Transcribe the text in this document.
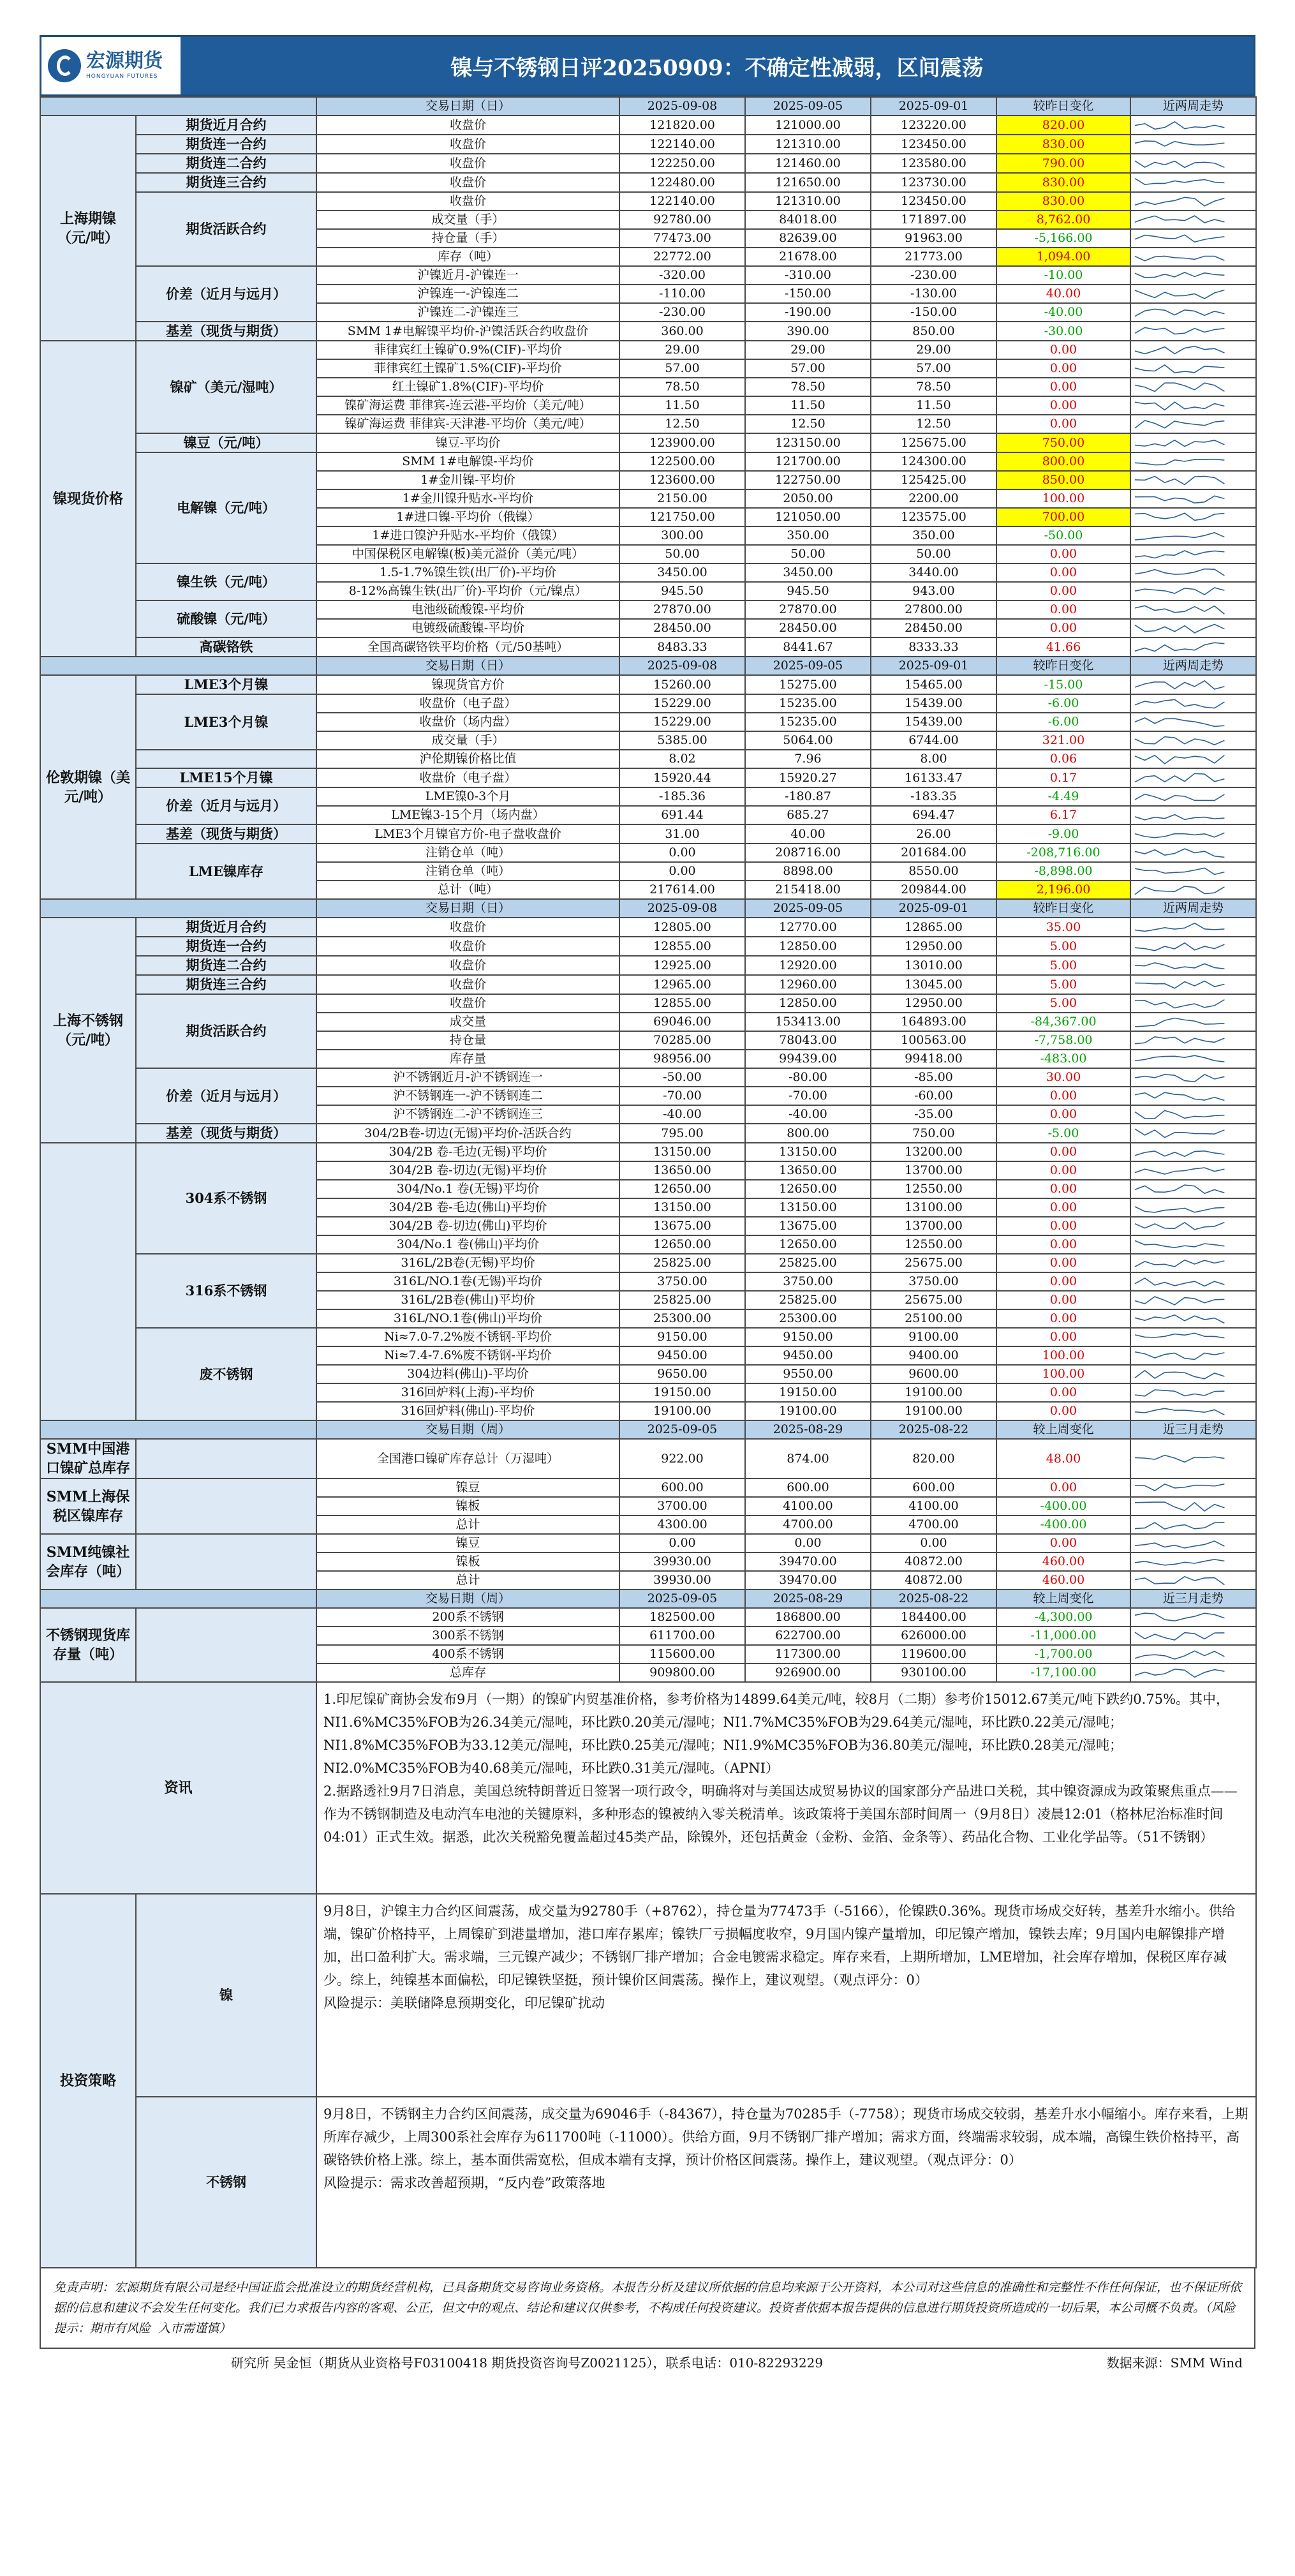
宏源期货
HONGYUAN FUTURES	镍与不锈钢日评20250909：不确定性减弱，区间震荡
		交易日期（日）	2025-09-08	2025-09-05	2025-09-01	较昨日变化	近两周走势
上海期镍（元/吨）	期货近月合约	收盘价	121820.00	121000.00	123220.00	820.00	

	期货连一合约	收盘价	122140.00	121310.00	123450.00	830.00	

	期货连二合约	收盘价	122250.00	121460.00	123580.00	790.00	

	期货连三合约	收盘价	122480.00	121650.00	123730.00	830.00	

	期货活跃合约	收盘价	122140.00	121310.00	123450.00	830.00	

		成交量（手）	92780.00	84018.00	171897.00	8,762.00	

		持仓量（手）	77473.00	82639.00	91963.00	-5,166.00	

		库存（吨）	22772.00	21678.00	21773.00	1,094.00	

	价差（近月与远月）	沪镍近月-沪镍连一	-320.00	-310.00	-230.00	-10.00	

		沪镍连一-沪镍连二	-110.00	-150.00	-130.00	40.00	

		沪镍连二-沪镍连三	-230.00	-190.00	-150.00	-40.00	

	基差（现货与期货）	SMM 1#电解镍平均价-沪镍活跃合约收盘价	360.00	390.00	850.00	-30.00	

镍现货价格	镍矿（美元/湿吨）	菲律宾红土镍矿0.9%(CIF)-平均价	29.00	29.00	29.00	0.00	

		菲律宾红土镍矿1.5%(CIF)-平均价	57.00	57.00	57.00	0.00	

		红土镍矿1.8%(CIF)-平均价	78.50	78.50	78.50	0.00	

		镍矿海运费 菲律宾-连云港-平均价（美元/吨）	11.50	11.50	11.50	0.00	

		镍矿海运费 菲律宾-天津港-平均价（美元/吨）	12.50	12.50	12.50	0.00	

	镍豆（元/吨）	镍豆-平均价	123900.00	123150.00	125675.00	750.00	

	电解镍（元/吨）	SMM 1#电解镍-平均价	122500.00	121700.00	124300.00	800.00	

		1#金川镍-平均价	123600.00	122750.00	125425.00	850.00	

		1#金川镍升贴水-平均价	2150.00	2050.00	2200.00	100.00	

		1#进口镍-平均价（俄镍）	121750.00	121050.00	123575.00	700.00	

		1#进口镍沪升贴水-平均价（俄镍）	300.00	350.00	350.00	-50.00	

		中国保税区电解镍(板)美元溢价（美元/吨）	50.00	50.00	50.00	0.00	

	镍生铁（元/吨）	1.5-1.7%镍生铁(出厂价)-平均价	3450.00	3450.00	3440.00	0.00	

		8-12%高镍生铁(出厂价)-平均价（元/镍点）	945.50	945.50	943.00	0.00	

	硫酸镍（元/吨）	电池级硫酸镍-平均价	27870.00	27870.00	27800.00	0.00	

		电镀级硫酸镍-平均价	28450.00	28450.00	28450.00	0.00	

	高碳铬铁	全国高碳铬铁平均价格（元/50基吨）	8483.33	8441.67	8333.33	41.66	

		交易日期（日）	2025-09-08	2025-09-05	2025-09-01	较昨日变化	近两周走势
伦敦期镍（美元/吨）	LME3个月镍	镍现货官方价	15260.00	15275.00	15465.00	-15.00	

	LME3个月镍	收盘价（电子盘）	15229.00	15235.00	15439.00	-6.00	

		收盘价（场内盘）	15229.00	15235.00	15439.00	-6.00	

		成交量（手）	5385.00	5064.00	6744.00	321.00	

		沪伦期镍价格比值	8.02	7.96	8.00	0.06	

	LME15个月镍	收盘价（电子盘）	15920.44	15920.27	16133.47	0.17	

	价差（近月与远月）	LME镍0-3个月	-185.36	-180.87	-183.35	-4.49	

		LME镍3-15个月（场内盘）	691.44	685.27	694.47	6.17	

	基差（现货与期货）	LME3个月镍官方价-电子盘收盘价	31.00	40.00	26.00	-9.00	

	LME镍库存	注销仓单（吨）	0.00	208716.00	201684.00	-208,716.00	

		注销仓单（吨）	0.00	8898.00	8550.00	-8,898.00	

		总计（吨）	217614.00	215418.00	209844.00	2,196.00	

		交易日期（日）	2025-09-08	2025-09-05	2025-09-01	较昨日变化	近两周走势
上海不锈钢（元/吨）	期货近月合约	收盘价	12805.00	12770.00	12865.00	35.00	

	期货连一合约	收盘价	12855.00	12850.00	12950.00	5.00	

	期货连二合约	收盘价	12925.00	12920.00	13010.00	5.00	

	期货连三合约	收盘价	12965.00	12960.00	13045.00	5.00	

	期货活跃合约	收盘价	12855.00	12850.00	12950.00	5.00	

		成交量	69046.00	153413.00	164893.00	-84,367.00	

		持仓量	70285.00	78043.00	100563.00	-7,758.00	

		库存量	98956.00	99439.00	99418.00	-483.00	

	价差（近月与远月）	沪不锈钢近月-沪不锈钢连一	-50.00	-80.00	-85.00	30.00	

		沪不锈钢连一-沪不锈钢连二	-70.00	-70.00	-60.00	0.00	

		沪不锈钢连二-沪不锈钢连三	-40.00	-40.00	-35.00	0.00	

	基差（现货与期货）	304/2B卷-切边(无锡)平均价-活跃合约	795.00	800.00	750.00	-5.00	

	304系不锈钢	304/2B 卷-毛边(无锡)平均价	13150.00	13150.00	13200.00	0.00	

		304/2B 卷-切边(无锡)平均价	13650.00	13650.00	13700.00	0.00	

		304/No.1 卷(无锡)平均价	12650.00	12650.00	12550.00	0.00	

		304/2B 卷-毛边(佛山)平均价	13150.00	13150.00	13100.00	0.00	

		304/2B 卷-切边(佛山)平均价	13675.00	13675.00	13700.00	0.00	

		304/No.1 卷(佛山)平均价	12650.00	12650.00	12550.00	0.00	

	316系不锈钢	316L/2B卷(无锡)平均价	25825.00	25825.00	25675.00	0.00	

		316L/NO.1卷(无锡)平均价	3750.00	3750.00	3750.00	0.00	

		316L/2B卷(佛山)平均价	25825.00	25825.00	25675.00	0.00	

		316L/NO.1卷(佛山)平均价	25300.00	25300.00	25100.00	0.00	

	废不锈钢	Ni≈7.0-7.2%废不锈钢-平均价	9150.00	9150.00	9100.00	0.00	

		Ni≈7.4-7.6%废不锈钢-平均价	9450.00	9450.00	9400.00	100.00	

		304边料(佛山)-平均价	9650.00	9550.00	9600.00	100.00	

		316回炉料(上海)-平均价	19150.00	19150.00	19100.00	0.00	

		316回炉料(佛山)-平均价	19100.00	19100.00	19100.00	0.00	

		交易日期（周）	2025-09-05	2025-08-29	2025-08-22	较上周变化	近三月走势
SMM中国港口镍矿总库存		全国港口镍矿库存总计（万湿吨）	922.00	874.00	820.00	48.00	

SMM上海保税区镍库存		镍豆	600.00	600.00	600.00	0.00	

		镍板	3700.00	4100.00	4100.00	-400.00	

		总计	4300.00	4700.00	4700.00	-400.00	

SMM纯镍社会库存（吨）		镍豆	0.00	0.00	0.00	0.00	

		镍板	39930.00	39470.00	40872.00	460.00	

		总计	39930.00	39470.00	40872.00	460.00	

		交易日期（周）	2025-09-05	2025-08-29	2025-08-22	较上周变化	近三月走势
不锈钢现货库存量（吨）		200系不锈钢	182500.00	186800.00	184400.00	-4,300.00	

		300系不锈钢	611700.00	622700.00	626000.00	-11,000.00	

		400系不锈钢	115600.00	117300.00	119600.00	-1,700.00	

		总库存	909800.00	926900.00	930100.00	-17,100.00	

资讯		1.印尼镍矿商协会发布9月（一期）的镍矿内贸基准价格，参考价格为14899.64美元/吨，较8月（二期）参考价15012.67美元/吨下跌约0.75%。其中，NI1.6%MC35%FOB为26.34美元/湿吨，环比跌0.20美元/湿吨；NI1.7%MC35%FOB为29.64美元/湿吨，环比跌0.22美元/湿吨；NI1.8%MC35%FOB为33.12美元/湿吨，环比跌0.25美元/湿吨；NI1.9%MC35%FOB为36.80美元/湿吨，环比跌0.28美元/湿吨；NI2.0%MC35%FOB为40.68美元/湿吨，环比跌0.31美元/湿吨。（APNI）
2.据路透社9月7日消息，美国总统特朗普近日签署一项行政令，明确将对与美国达成贸易协议的国家部分产品进口关税，其中镍资源成为政策聚焦重点——作为不锈钢制造及电动汽车电池的关键原料，多种形态的镍被纳入零关税清单。该政策将于美国东部时间周一（9月8日）凌晨12:01（格林尼治标准时间04:01）正式生效。据悉，此次关税豁免覆盖超过45类产品，除镍外，还包括黄金（金粉、金箔、金条等）、药品化合物、工业化学品等。（51不锈钢）					
投资策略	镍	9月8日，沪镍主力合约区间震荡，成交量为92780手（+8762），持仓量为77473手（-5166），伦镍跌0.36%。现货市场成交好转，基差升水缩小。供给端，镍矿价格持平，上周镍矿到港量增加，港口库存累库；镍铁厂亏损幅度收窄，9月国内镍产量增加，印尼镍产增加，镍铁去库；9月国内电解镍排产增加，出口盈利扩大。需求端，三元镍产减少；不锈钢厂排产增加；合金电镀需求稳定。库存来看，上期所增加，LME增加，社会库存增加，保税区库存减少。综上，纯镍基本面偏松，印尼镍铁坚挺，预计镍价区间震荡。操作上，建议观望。（观点评分：0）
风险提示：美联储降息预期变化，印尼镍矿扰动					
	不锈钢	9月8日，不锈钢主力合约区间震荡，成交量为69046手（-84367），持仓量为70285手（-7758）；现货市场成交较弱，基差升水小幅缩小。库存来看，上期所库存减少，上周300系社会库存为611700吨（-11000）。供给方面，9月不锈钢厂排产增加；需求方面，终端需求较弱，成本端，高镍生铁价格持平，高碳铬铁价格上涨。综上，基本面供需宽松，但成本端有支撑，预计价格区间震荡。操作上，建议观望。（观点评分：0）
风险提示：需求改善超预期，“反内卷”政策落地					
免责声明：宏源期货有限公司是经中国证监会批准设立的期货经营机构，已具备期货交易咨询业务资格。本报告分析及建议所依据的信息均来源于公开资料，本公司对这些信息的准确性和完整性不作任何保证，也不保证所依据的信息和建议不会发生任何变化。我们已力求报告内容的客观、公正，但文中的观点、结论和建议仅供参考，不构成任何投资建议。投资者依据本报告提供的信息进行期货投资所造成的一切后果，本公司概不负责。（风险提示：期市有风险  入市需谨慎）
研究所 吴金恒（期货从业资格号F03100418 期货投资咨询号Z0021125），联系电话：010-82293229	数据来源：SMM Wind
